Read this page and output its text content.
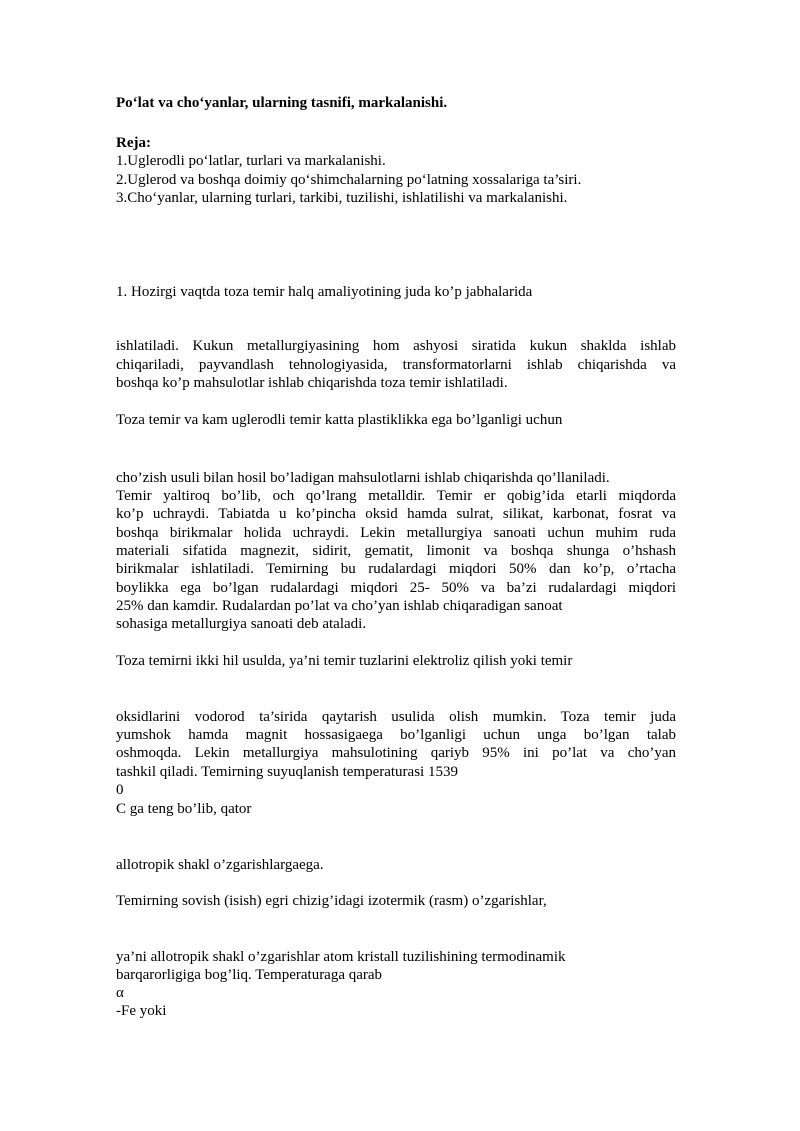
Po‘lat va cho‘yanlar, ularning tasnifi, markalanishi.
Reja:
1.Uglerodli po‘latlar, turlari va markalanishi.
2.Uglerod va boshqa doimiy qo‘shimchalarning po‘latning xossalariga ta’siri.
3.Cho‘yanlar, ularning turlari, tarkibi, tuzilishi, ishlatilishi va markalanishi.
1. Hozirgi vaqtda toza temir halq amaliyotining juda ko’p jabhalarida
ishlatiladi. Kukun metallurgiyasining hom ashyosi siratida kukun shaklda ishlab
chiqariladi, payvandlash tehnologiyasida, transformatorlarni ishlab chiqarishda va
boshqa ko’p mahsulotlar ishlab chiqarishda toza temir ishlatiladi.
Toza temir va kam uglerodli temir katta plastiklikka ega bo’lganligi uchun
cho’zish usuli bilan hosil bo’ladigan mahsulotlarni ishlab chiqarishda qo’llaniladi.
Temir yaltiroq bo’lib, och qo’lrang metalldir. Temir er qobig’ida etarli miqdorda
ko’p uchraydi. Tabiatda u ko’pincha oksid hamda sulrat, silikat, karbonat, fosrat va
boshqa birikmalar holida uchraydi. Lekin metallurgiya sanoati uchun muhim ruda
materiali sifatida magnezit, sidirit, gematit, limonit va boshqa shunga o’hshash
birikmalar ishlatiladi. Temirning bu rudalardagi miqdori 50% dan ko’p, o’rtacha
boylikka ega bo’lgan rudalardagi miqdori 25- 50% va ba’zi rudalardagi miqdori
25% dan kamdir. Rudalardan po’lat va cho’yan ishlab chiqaradigan sanoat
sohasiga metallurgiya sanoati deb ataladi.
Toza temirni ikki hil usulda, ya’ni temir tuzlarini elektroliz qilish yoki temir
oksidlarini vodorod ta’sirida qaytarish usulida olish mumkin. Toza temir juda
yumshok hamda magnit hossasigaega bo’lganligi uchun unga bo’lgan talab
oshmoqda. Lekin metallurgiya mahsulotining qariyb 95% ini po’lat va cho’yan
tashkil qiladi. Temirning suyuqlanish temperaturasi 1539
0
C ga teng bo’lib, qator
allotropik shakl o’zgarishlargaega.
Temirning sovish (isish) egri chizig’idagi izotermik (rasm) o’zgarishlar,
ya’ni allotropik shakl o’zgarishlar atom kristall tuzilishining termodinamik
barqarorligiga bog’liq. Temperaturaga qarab
α
-Fe yoki
